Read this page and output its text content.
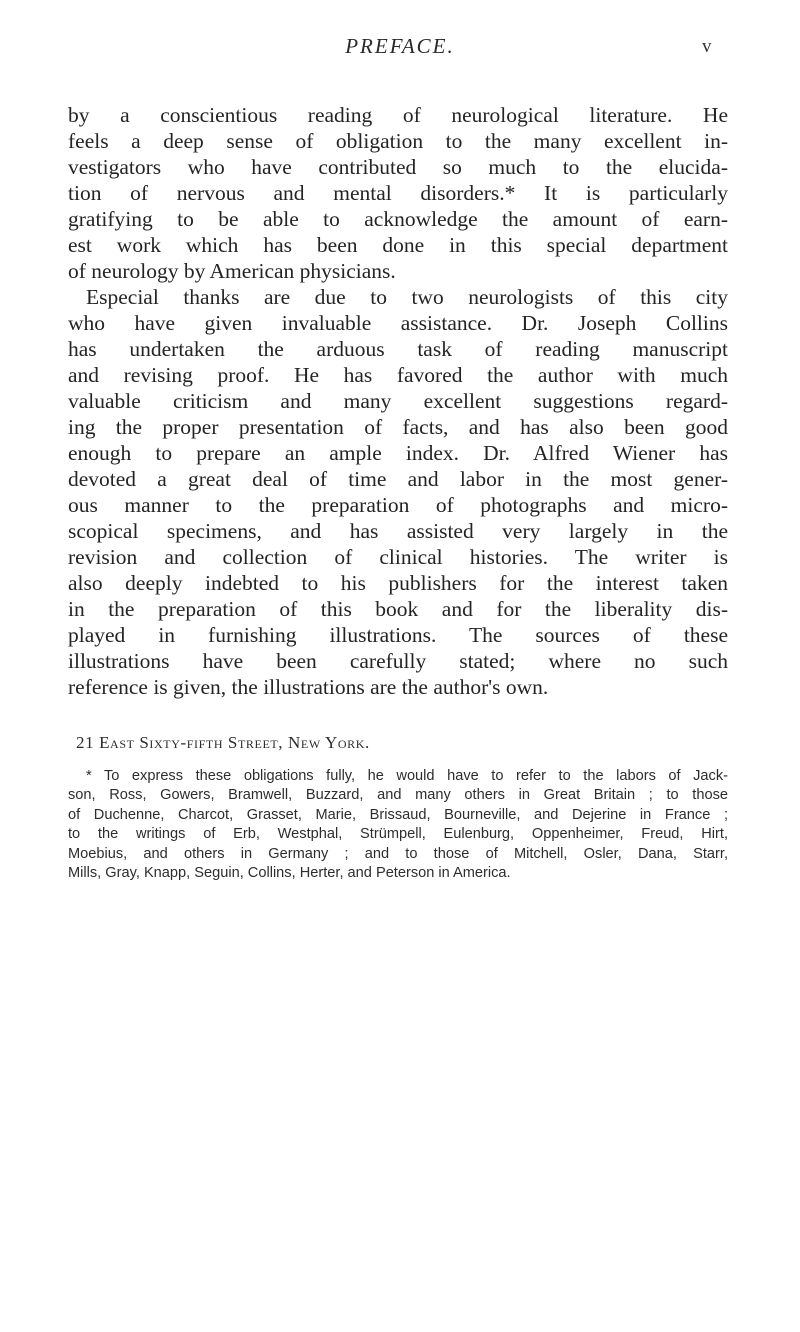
PREFACE.	v
by a conscientious reading of neurological literature. He
feels a deep sense of obligation to the many excellent in-
vestigators who have contributed so much to the elucida-
tion of nervous and mental disorders.* It is particularly
gratifying to be able to acknowledge the amount of earn-
est work which has been done in this special department
of neurology by American physicians.
Especial thanks are due to two neurologists of this city
who have given invaluable assistance. Dr. Joseph Collins
has undertaken the arduous task of reading manuscript
and revising proof. He has favored the author with much
valuable criticism and many excellent suggestions regard-
ing the proper presentation of facts, and has also been good
enough to prepare an ample index. Dr. Alfred Wiener has
devoted a great deal of time and labor in the most gener-
ous manner to the preparation of photographs and micro-
scopical specimens, and has assisted very largely in the
revision and collection of clinical histories. The writer is
also deeply indebted to his publishers for the interest taken
in the preparation of this book and for the liberality dis-
played in furnishing illustrations. The sources of these
illustrations have been carefully stated; where no such
reference is given, the illustrations are the author's own.
21 East Sixty-fifth Street, New York.
* To express these obligations fully, he would have to refer to the labors of Jack-
son, Ross, Gowers, Bramwell, Buzzard, and many others in Great Britain ; to those
of Duchenne, Charcot, Grasset, Marie, Brissaud, Bourneville, and Dejerine in France ;
to the writings of Erb, Westphal, Strümpell, Eulenburg, Oppenheimer, Freud, Hirt,
Moebius, and others in Germany ; and to those of Mitchell, Osler, Dana, Starr,
Mills, Gray, Knapp, Seguin, Collins, Herter, and Peterson in America.
